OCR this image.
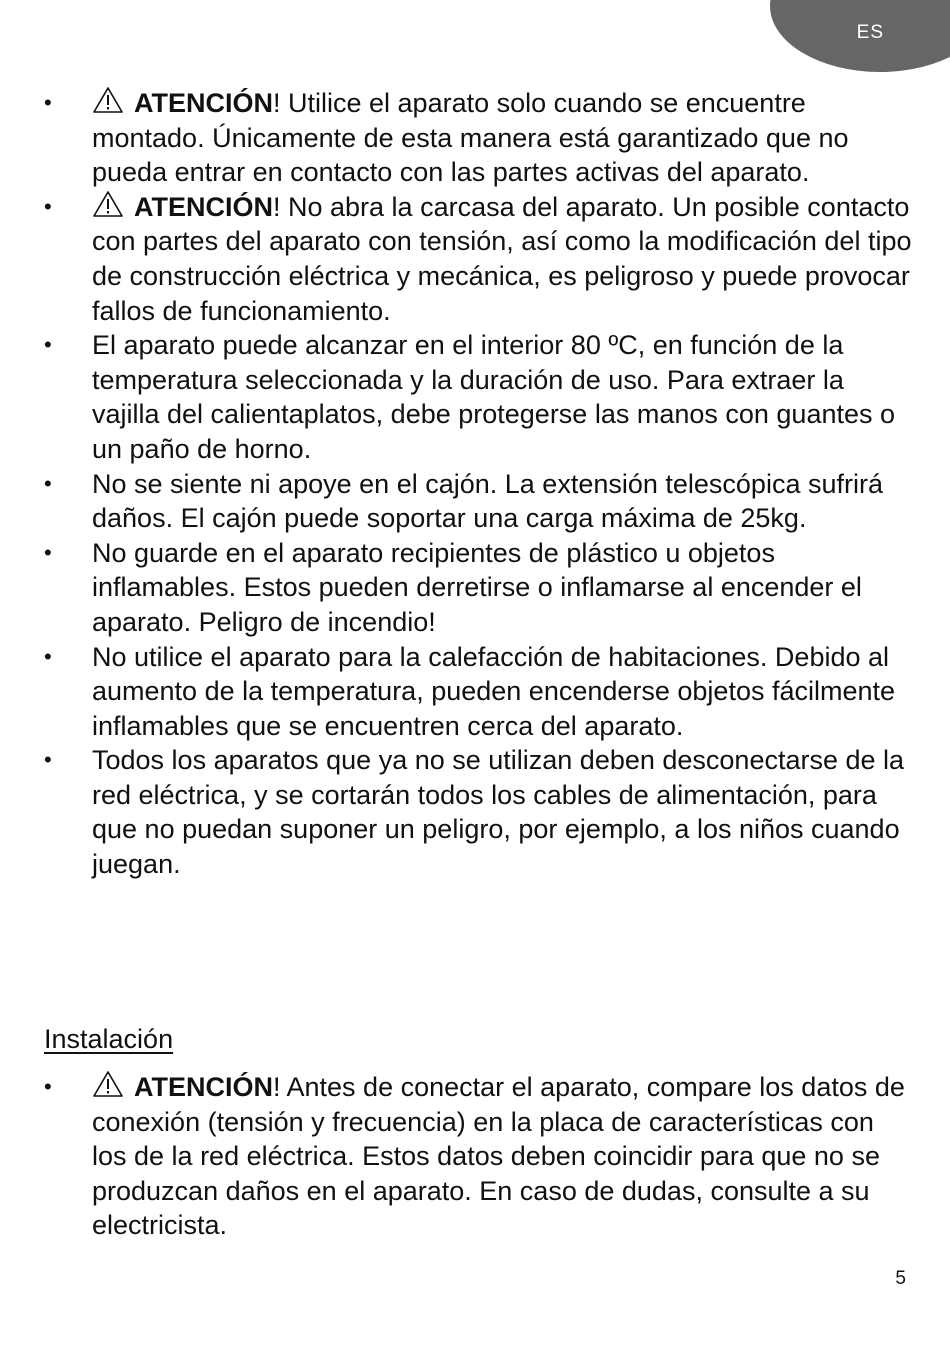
ES
•	ATENCIÓN! Utilice el aparato solo cuando se encuentre montado. Únicamente de esta manera está garantizado que no pueda entrar en contacto con las partes activas del aparato.
•	ATENCIÓN! No abra la carcasa del aparato. Un posible contacto con partes del aparato con tensión, así como la modificación del tipo de construcción eléctrica y mecánica, es peligroso y puede provocar fallos de funcionamiento.
• El aparato puede alcanzar en el interior 80 ºC, en función de la temperatura seleccionada y la duración de uso. Para extraer la vajilla del calientaplatos, debe protegerse las manos con guantes o un paño de horno.
• No se siente ni apoye en el cajón. La extensión telescópica sufrirá daños. El cajón puede soportar una carga máxima de 25kg.
• No guarde en el aparato recipientes de plástico u objetos inflamables. Estos pueden derretirse o inflamarse al encender el aparato. Peligro de incendio!
• No utilice el aparato para la calefacción de habitaciones. Debido al aumento de la temperatura, pueden encenderse objetos fácilmente inflamables que se encuentren cerca del aparato.
• Todos los aparatos que ya no se utilizan deben desconectarse de la red eléctrica, y se cortarán todos los cables de alimentación, para que no puedan suponer un peligro, por ejemplo, a los niños cuando juegan.
Instalación
•	ATENCIÓN! Antes de conectar el aparato, compare los datos de conexión (tensión y frecuencia) en la placa de características con los de la red eléctrica. Estos datos deben coincidir para que no se produzcan daños en el aparato. En caso de dudas, consulte a su electricista.
5
